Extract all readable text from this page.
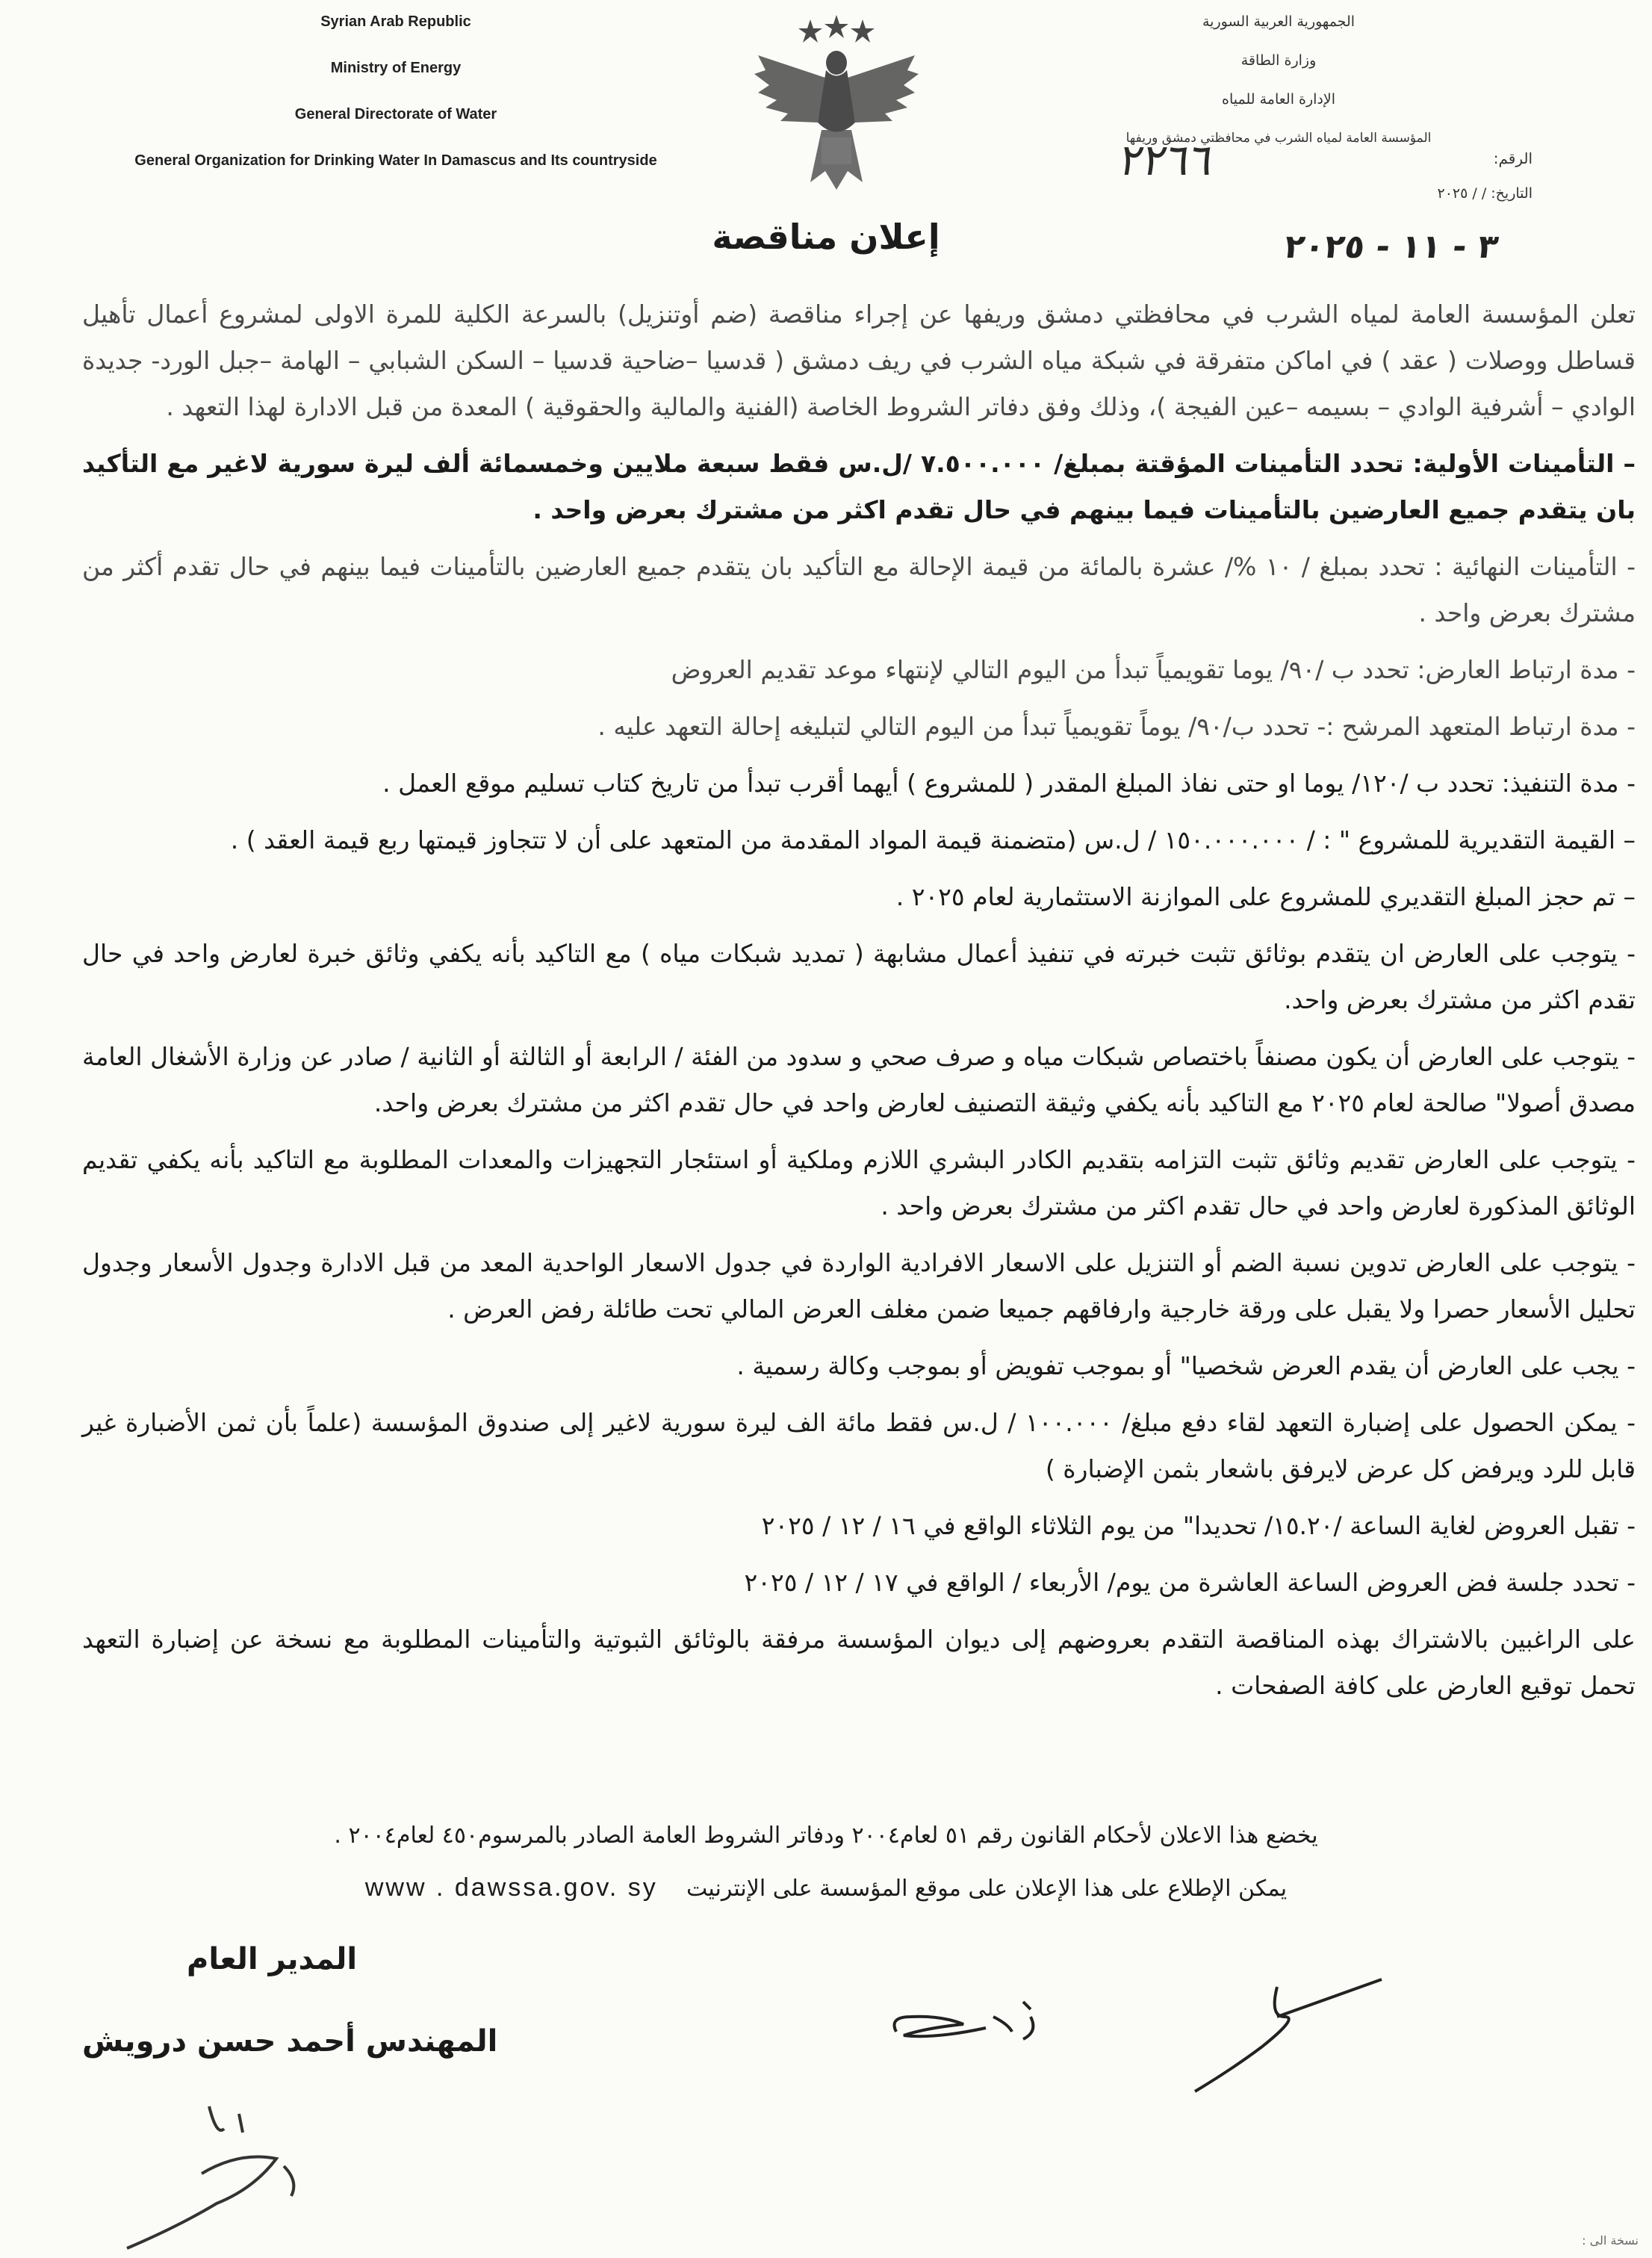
Syrian Arab Republic
Ministry of Energy
General Directorate of Water
General Organization for Drinking Water In Damascus and Its countryside
الجمهورية العربية السورية
وزارة الطاقة
الإدارة العامة للمياه
المؤسسة العامة لمياه الشرب في محافظتي دمشق وريفها
الرقم:
٢٢٦٦
التاريخ: / / ٢٠٢٥
٣ - ١١ - ٢٠٢٥
إعلان مناقصة

تعلن المؤسسة العامة لمياه الشرب في محافظتي دمشق وريفها عن إجراء مناقصة (ضم أوتنزيل) بالسرعة الكلية للمرة الاولى لمشروع أعمال تأهيل قساطل ووصلات ( عقد ) في اماكن متفرقة في شبكة مياه الشرب في ريف دمشق ( قدسيا –ضاحية قدسيا – السكن الشبابي – الهامة –جبل الورد- جديدة الوادي – أشرفية الوادي – بسيمه –عين الفيجة )، وذلك وفق دفاتر الشروط الخاصة (الفنية والمالية والحقوقية ) المعدة من قبل الادارة لهذا التعهد .

– التأمينات الأولية: تحدد التأمينات المؤقتة بمبلغ/ ٧.٥٠٠.٠٠٠ /ل.س فقط سبعة ملايين وخمسمائة ألف ليرة سورية لاغير مع التأكيد بان يتقدم جميع العارضين بالتأمينات فيما بينهم في حال تقدم اكثر من مشترك بعرض واحد .

- التأمينات النهائية : تحدد بمبلغ / ١٠ %/ عشرة بالمائة من قيمة الإحالة مع التأكيد بان يتقدم جميع العارضين بالتأمينات فيما بينهم في حال تقدم أكثر من مشترك بعرض واحد .

- مدة ارتباط العارض: تحدد ب /٩٠/ يوما تقويمياً تبدأ من اليوم التالي لإنتهاء موعد تقديم العروض

- مدة ارتباط المتعهد المرشح :- تحدد ب/٩٠/ يوماً تقويمياً تبدأ من اليوم التالي لتبليغه إحالة التعهد عليه .

- مدة التنفيذ: تحدد ب /١٢٠/ يوما او حتى نفاذ المبلغ المقدر ( للمشروع ) أيهما أقرب تبدأ من تاريخ كتاب تسليم موقع العمل .

– القيمة التقديرية للمشروع " : / ١٥٠.٠٠٠.٠٠٠ / ل.س (متضمنة قيمة المواد المقدمة من المتعهد على أن لا تتجاوز قيمتها ربع قيمة العقد ) .

– تم حجز المبلغ التقديري للمشروع على الموازنة الاستثمارية لعام ٢٠٢٥ .

- يتوجب على العارض ان يتقدم بوثائق تثبت خبرته في تنفيذ أعمال مشابهة ( تمديد شبكات مياه ) مع التاكيد بأنه يكفي وثائق خبرة لعارض واحد في حال تقدم اكثر من مشترك بعرض واحد.

- يتوجب على العارض أن يكون مصنفاً باختصاص شبكات مياه و صرف صحي و سدود من الفئة / الرابعة أو الثالثة أو الثانية / صادر عن وزارة الأشغال العامة مصدق أصولا" صالحة لعام ٢٠٢٥ مع التاكيد بأنه يكفي وثيقة التصنيف لعارض واحد في حال تقدم اكثر من مشترك بعرض واحد.

- يتوجب على العارض تقديم وثائق تثبت التزامه بتقديم الكادر البشري اللازم وملكية أو استئجار التجهيزات والمعدات المطلوبة مع التاكيد بأنه يكفي تقديم الوثائق المذكورة لعارض واحد في حال تقدم اكثر من مشترك بعرض واحد .

- يتوجب على العارض تدوين نسبة الضم أو التنزيل على الاسعار الافرادية الواردة في جدول الاسعار الواحدية المعد من قبل الادارة وجدول الأسعار وجدول تحليل الأسعار حصرا ولا يقبل على ورقة خارجية وارفاقهم جميعا ضمن مغلف العرض المالي تحت طائلة رفض العرض .

- يجب على العارض أن يقدم العرض شخصيا" أو بموجب تفويض أو بموجب وكالة رسمية .

- يمكن الحصول على إضبارة التعهد لقاء دفع مبلغ/ ١٠٠.٠٠٠ / ل.س فقط مائة الف ليرة سورية لاغير إلى صندوق المؤسسة (علماً بأن ثمن الأضبارة غير قابل للرد ويرفض كل عرض لايرفق باشعار بثمن الإضبارة )

- تقبل العروض لغاية الساعة /١٥.٢٠/ تحديدا" من يوم الثلاثاء الواقع في ١٦ / ١٢ / ٢٠٢٥

- تحدد جلسة فض العروض الساعة العاشرة من يوم/ الأربعاء / الواقع في ١٧ / ١٢ / ٢٠٢٥

على الراغبين بالاشتراك بهذه المناقصة التقدم بعروضهم إلى ديوان المؤسسة مرفقة بالوثائق الثبوتية والتأمينات المطلوبة مع نسخة عن إضبارة التعهد تحمل توقيع العارض على كافة الصفحات .

يخضع هذا الاعلان لأحكام القانون رقم ٥١ لعام٢٠٠٤ ودفاتر الشروط العامة الصادر بالمرسوم٤٥٠ لعام٢٠٠٤ .
يمكن الإطلاع على هذا الإعلان على موقع المؤسسة على الإنترنيت    www . dawssa.gov. sy
المدير العام
المهندس أحمد حسن درويش
نسخة الى :
